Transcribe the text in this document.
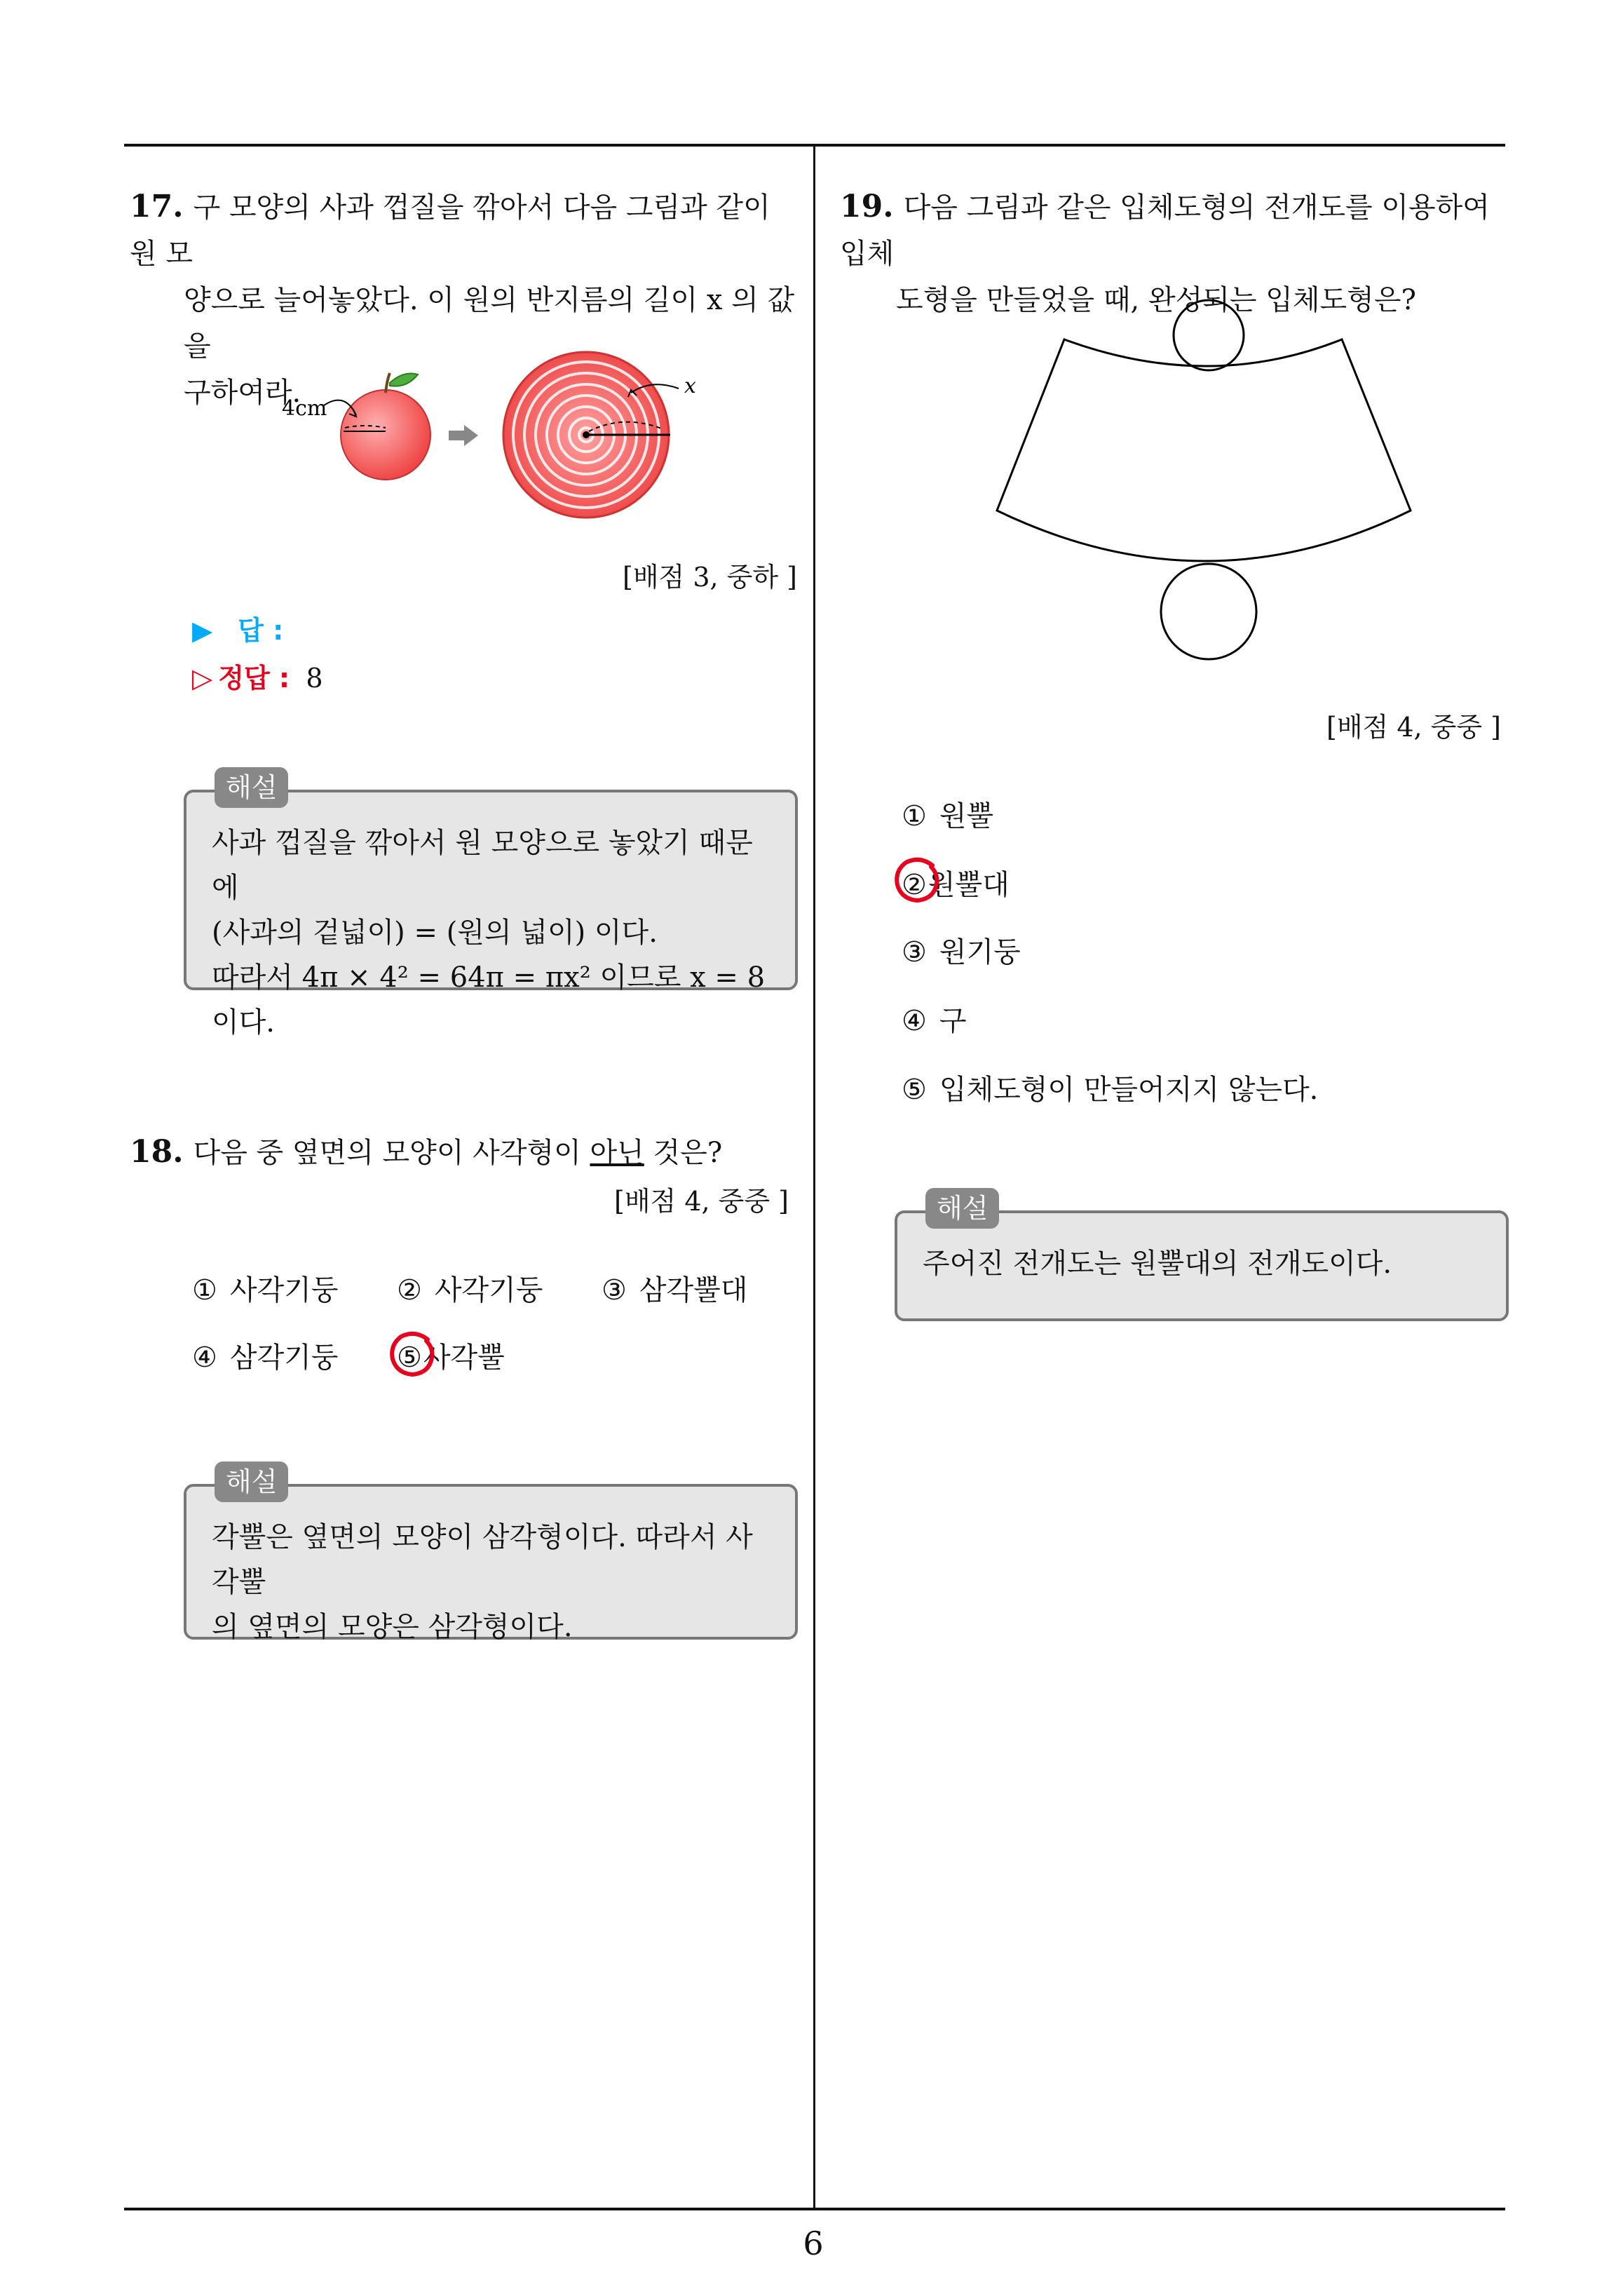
17. 구 모양의 사과 껍질을 깎아서 다음 그림과 같이 원 모
양으로 늘어놓았다. 이 원의 반지름의 길이 x 의 값을
구하여라.
4cm
x
[배점 3, 중하 ]
▶ 답 :
▷ 정답 : 8
해설

사과 껍질을 깎아서 원 모양으로 놓았기 때문에

(사과의 겉넓이) = (원의 넓이) 이다.

따라서 4π × 4² = 64π = πx² 이므로 x = 8 이다.

18. 다음 중 옆면의 모양이 사각형이 아닌 것은?
[배점 4, 중중 ]
① 사각기둥 ② 사각기둥 ③ 삼각뿔대
④ 삼각기둥 ⑤사각뿔
해설

각뿔은 옆면의 모양이 삼각형이다. 따라서 사각뿔

의 옆면의 모양은 삼각형이다.

19. 다음 그림과 같은 입체도형의 전개도를 이용하여 입체
도형을 만들었을 때, 완성되는 입체도형은?
[배점 4, 중중 ]
① 원뿔
②원뿔대
③ 원기둥
④ 구
⑤ 입체도형이 만들어지지 않는다.
해설

주어진 전개도는 원뿔대의 전개도이다.

6
